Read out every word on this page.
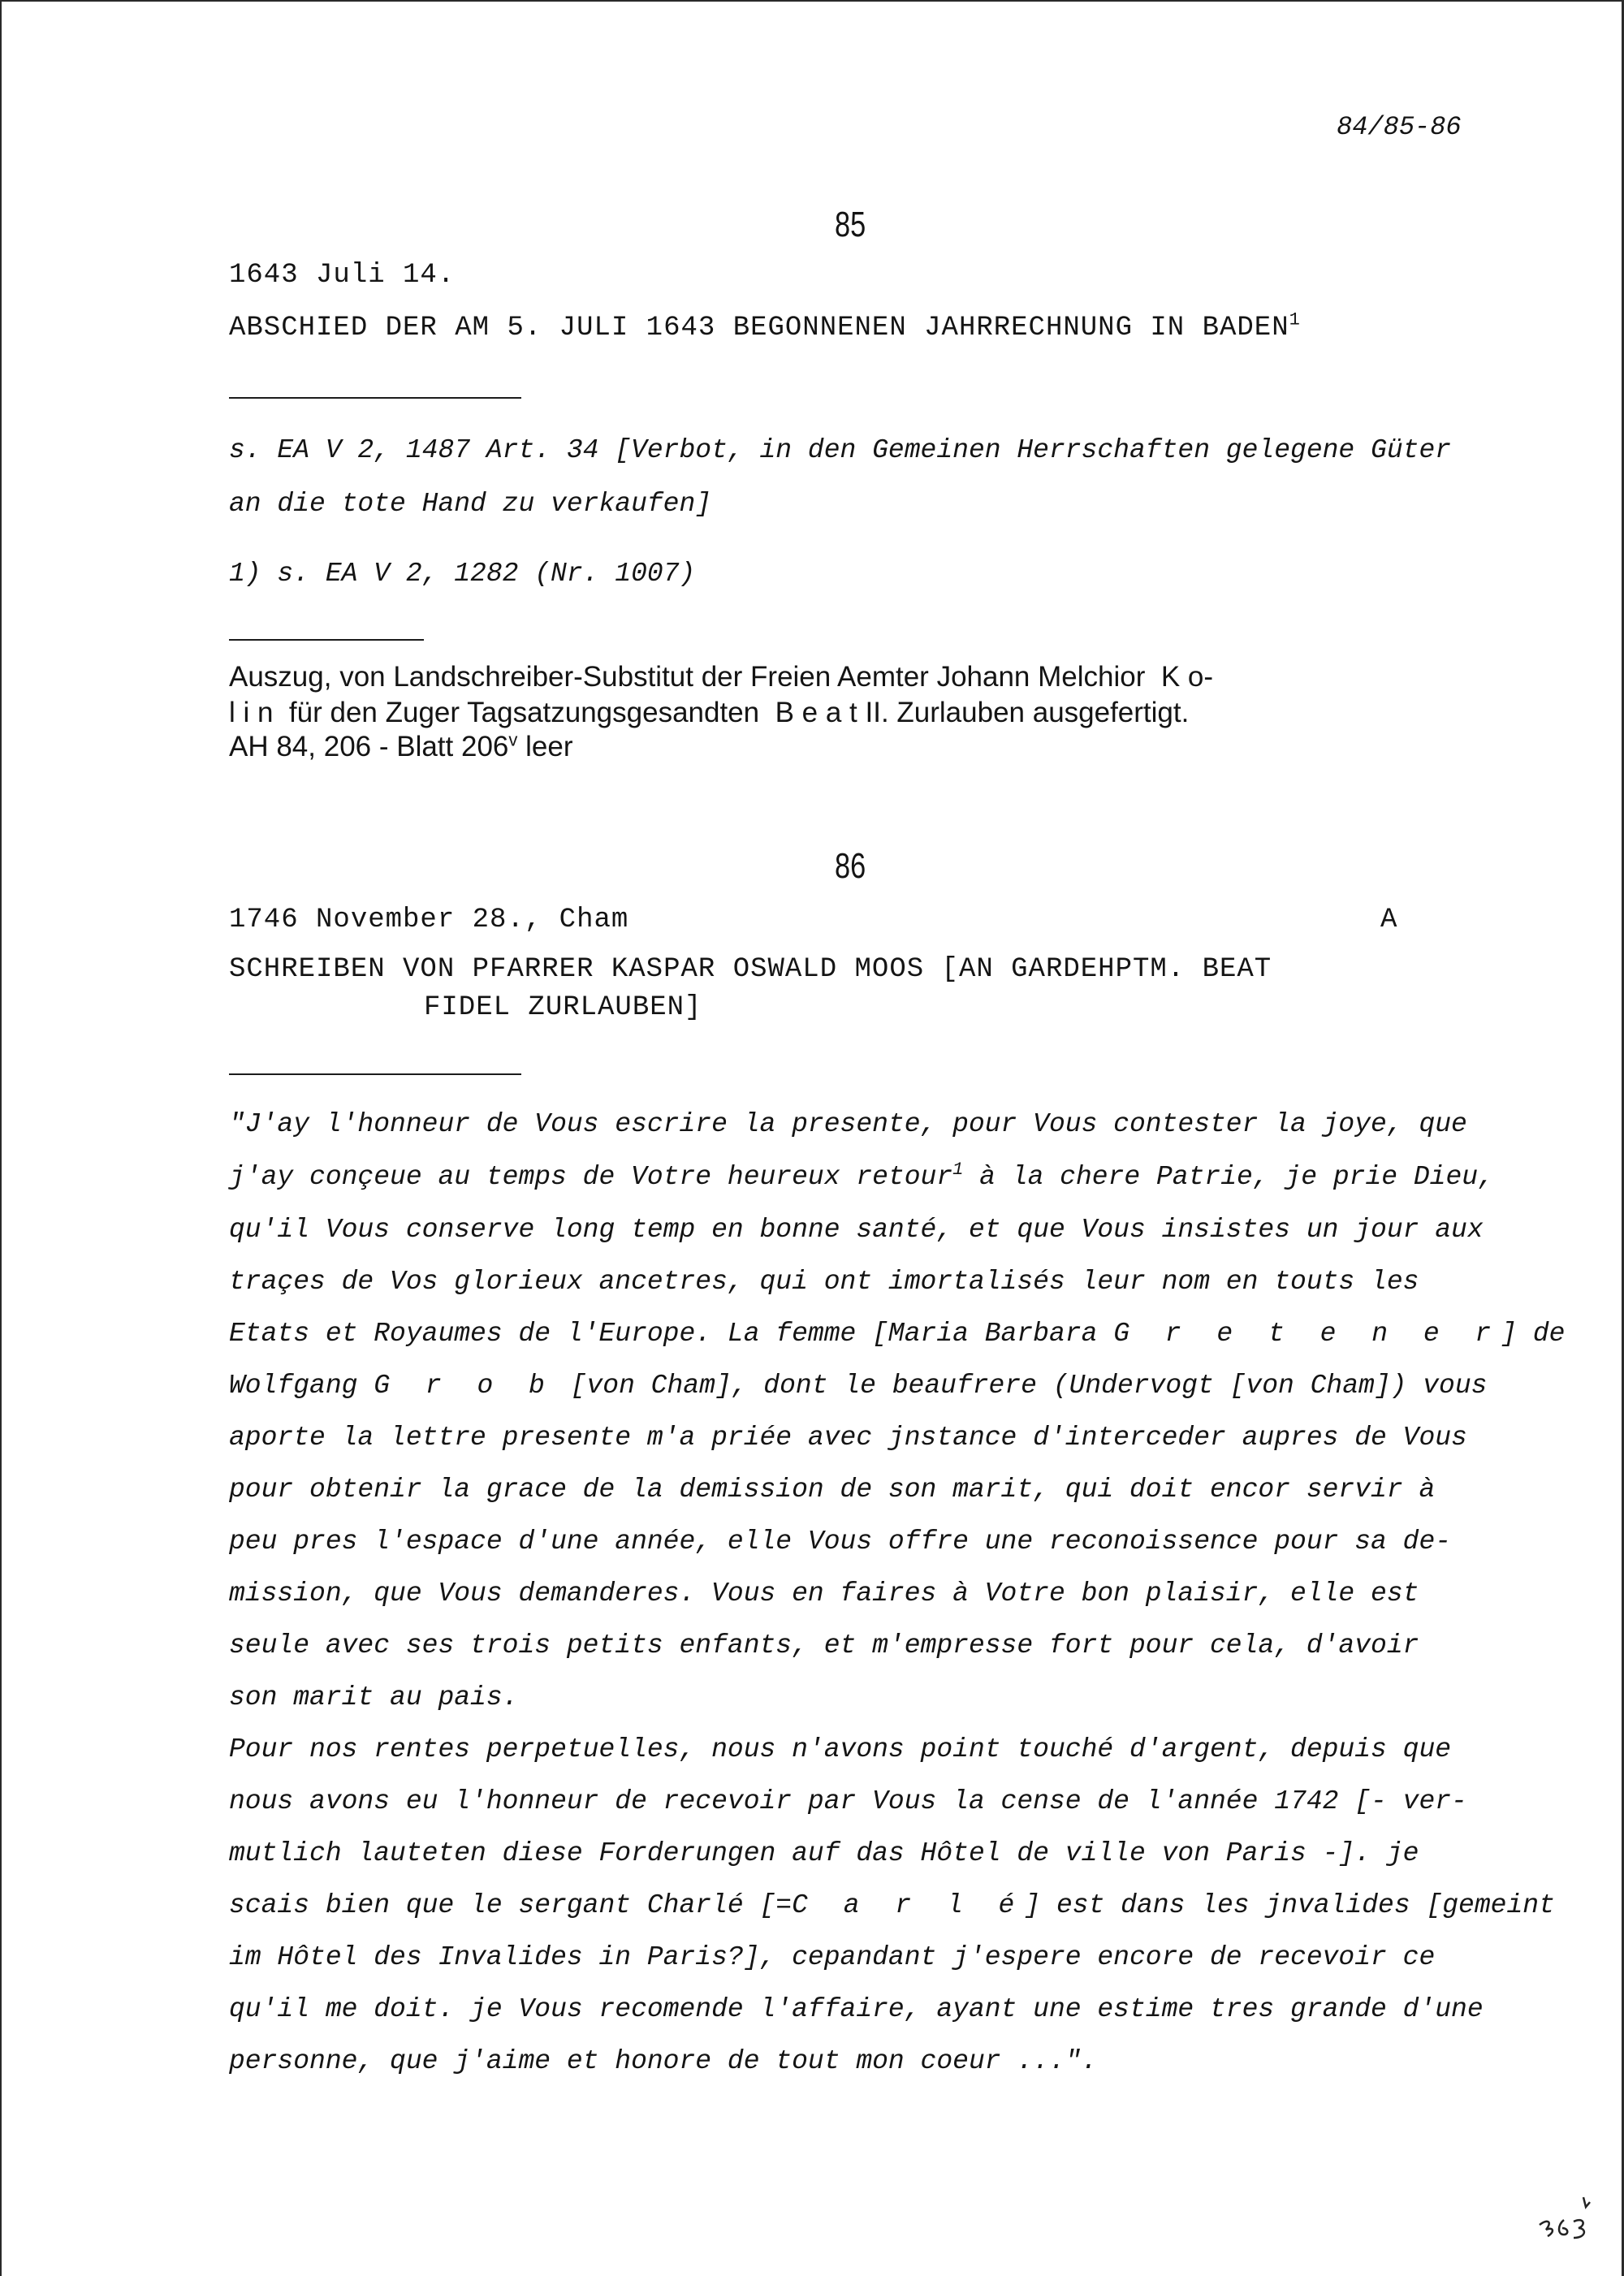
84/85-86
85
1643 Juli 14.
ABSCHIED DER AM 5. JULI 1643 BEGONNENEN JAHRRECHNUNG IN BADEN$^1$
s. EA V 2, 1487 Art. 34 [Verbot, in den Gemeinen Herrschaften gelegene Güter
an die tote Hand zu verkaufen]
1) s. EA V 2, 1282 (Nr. 1007)
Auszug, von Landschreiber-Substitut der Freien Aemter Johann Melchior K o-
l i n für den Zuger Tagsatzungsgesandten B e a t II. Zurlauben ausgefertigt.
AH 84, 206 - Blatt 206$^v$ leer
86
1746 November 28., Cham	A
SCHREIBEN VON PFARRER KASPAR OSWALD MOOS [AN GARDEHPTM. BEAT
FIDEL ZURLAUBEN]
"J'ay l'honneur de Vous escrire la presente, pour Vous contester la joye, que
j'ay conçeue au temps de Votre heureux retour$^1$ à la chere Patrie, je prie Dieu,
qu'il Vous conserve long temp en bonne santé, et que Vous insistes un jour aux
traçes de Vos glorieux ancetres, qui ont imortalisés leur nom en touts les
Etats et Royaumes de l'Europe. La femme [Maria Barbara G r e t e n e r] de
Wolfgang G r o b [von Cham], dont le beaufrere (Undervogt [von Cham]) vous
aporte la lettre presente m'a priée avec jnstance d'interceder aupres de Vous
pour obtenir la grace de la demission de son marit, qui doit encor servir à
peu pres l'espace d'une année, elle Vous offre une reconoissence pour sa de-
mission, que Vous demanderes. Vous en faires à Votre bon plaisir, elle est
seule avec ses trois petits enfants, et m'empresse fort pour cela, d'avoir
son marit au pais.
Pour nos rentes perpetuelles, nous n'avons point touché d'argent, depuis que
nous avons eu l'honneur de recevoir par Vous la cense de l'année 1742 [- ver-
mutlich lauteten diese Forderungen auf das Hôtel de ville von Paris -]. je
scais bien que le sergant Charlé [=C a r l é] est dans les jnvalides [gemeint
im Hôtel des Invalides in Paris?], cepandant j'espere encore de recevoir ce
qu'il me doit. je Vous recomende l'affaire, ayant une estime tres grande d'une
personne, que j'aime et honore de tout mon coeur ...".
